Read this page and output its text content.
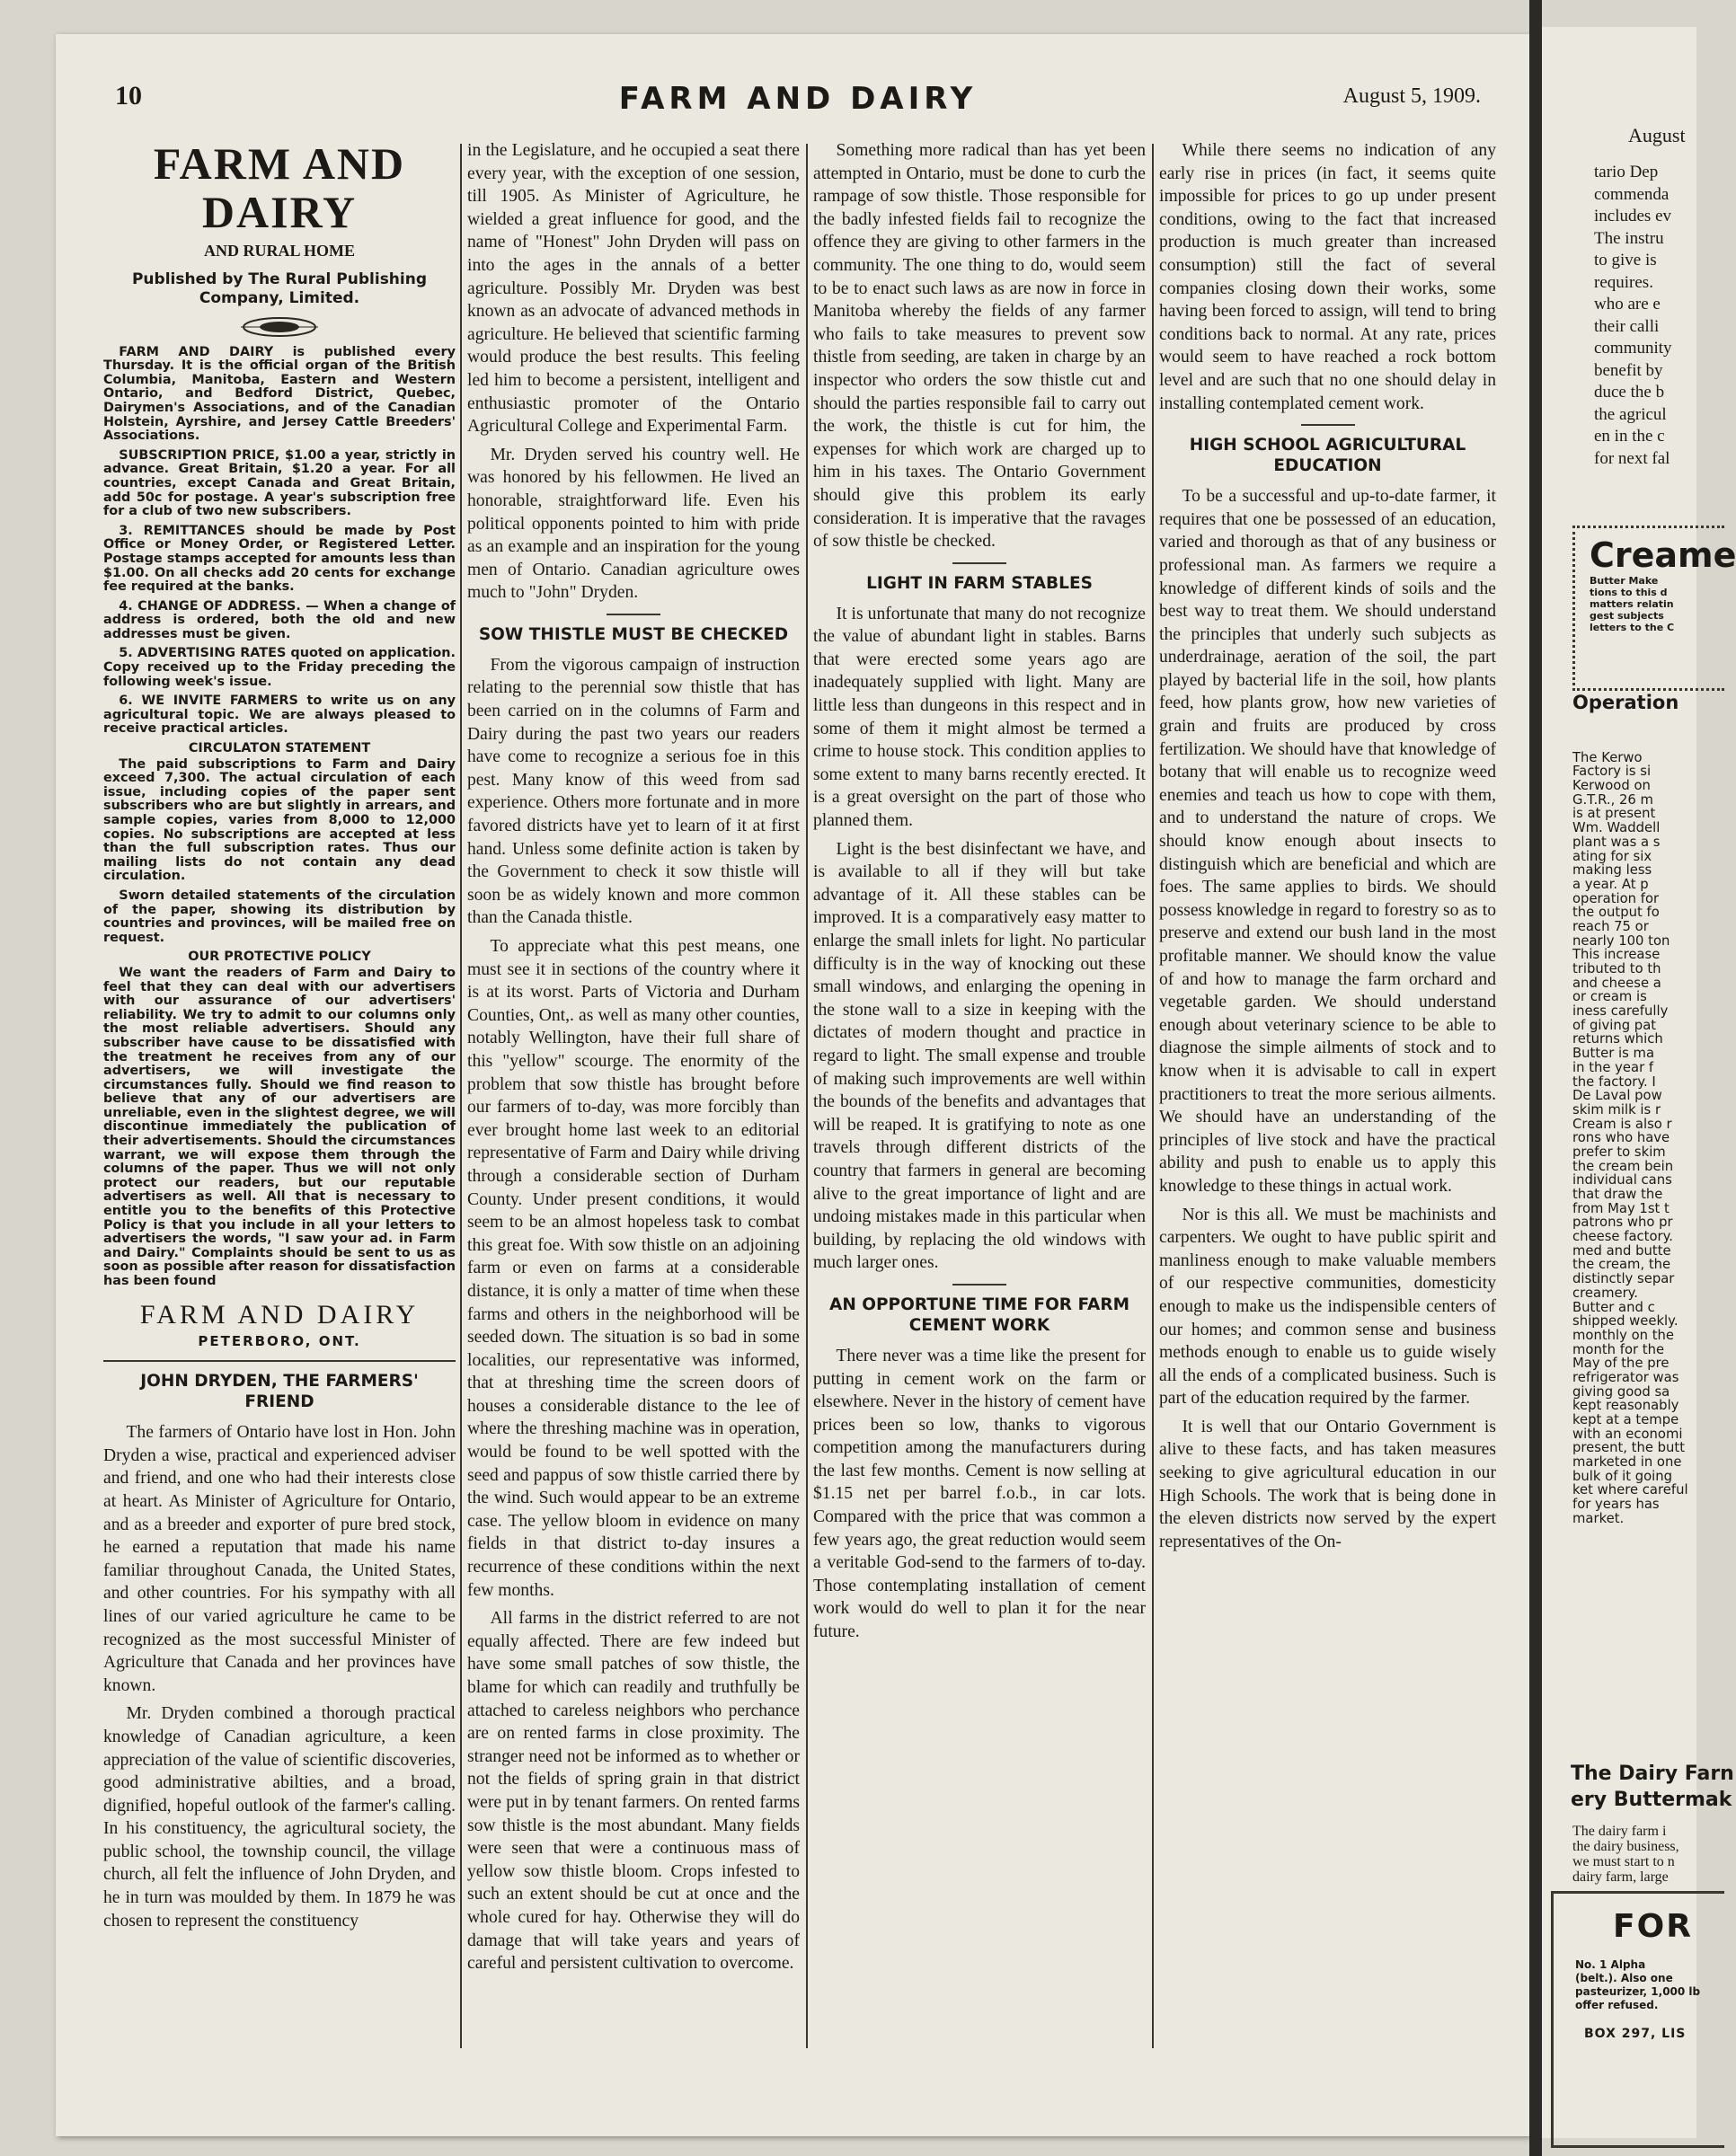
August
tario Dep
commenda
includes ev
The instru
to give is
requires.
who are e
their calli
community
benefit by
duce the b
the agricul
en in the c
for next fal
Creame
Butter Make
tions to this d
matters relatin
gest subjects
letters to the C
Operation
The Kerwo
Factory is si
Kerwood on
G.T.R., 26 m
is at present
Wm. Waddell
plant was a s
ating for six
making less
a year. At p
operation for
the output fo
reach 75 or
nearly 100 ton
This increase
tributed to th
and cheese a
or cream is
iness carefully
of giving pat
returns which
Butter is ma
in the year f
the factory. I
De Laval pow
skim milk is r
Cream is also r
rons who have
prefer to skim
the cream bein
individual cans
that draw the
from May 1st t
patrons who pr
cheese factory.
med and butte
the cream, the
distinctly separ
creamery.
Butter and c
shipped weekly.
monthly on the
month for the
May of the pre
refrigerator was
giving good sa
kept reasonably
kept at a tempe
with an economi
present, the butt
marketed in one
bulk of it going
ket where careful
for years has
market.
The Dairy Farn
ery Buttermak
The dairy farm i
the dairy business,
we must start to n
dairy farm, large
FOR
No. 1 Alpha
(belt.). Also one
pasteurizer, 1,000 lb
offer refused.
BOX 297, LIS
10	FARM AND DAIRY	August 5, 1909.
FARM AND DAIRY
AND RURAL HOME
Published by The Rural Publishing Company, Limited.

FARM AND DAIRY is published every Thursday. It is the official organ of the British Columbia, Manitoba, Eastern and Western Ontario, and Bedford District, Quebec, Dairymen's Associations, and of the Canadian Holstein, Ayrshire, and Jersey Cattle Breeders' Associations.

SUBSCRIPTION PRICE, $1.00 a year, strictly in advance. Great Britain, $1.20 a year. For all countries, except Canada and Great Britain, add 50c for postage. A year's subscription free for a club of two new subscribers.

3. REMITTANCES should be made by Post Office or Money Order, or Registered Letter. Postage stamps accepted for amounts less than $1.00. On all checks add 20 cents for exchange fee required at the banks.

4. CHANGE OF ADDRESS. — When a change of address is ordered, both the old and new addresses must be given.

5. ADVERTISING RATES quoted on application. Copy received up to the Friday preceding the following week's issue.

6. WE INVITE FARMERS to write us on any agricultural topic. We are always pleased to receive practical articles.

CIRCULATON STATEMENT

The paid subscriptions to Farm and Dairy exceed 7,300. The actual circulation of each issue, including copies of the paper sent subscribers who are but slightly in arrears, and sample copies, varies from 8,000 to 12,000 copies. No subscriptions are accepted at less than the full subscription rates. Thus our mailing lists do not contain any dead circulation.

Sworn detailed statements of the circulation of the paper, showing its distribution by countries and provinces, will be mailed free on request.

OUR PROTECTIVE POLICY

We want the readers of Farm and Dairy to feel that they can deal with our advertisers with our assurance of our advertisers' reliability. We try to admit to our columns only the most reliable advertisers. Should any subscriber have cause to be dissatisfied with the treatment he receives from any of our advertisers, we will investigate the circumstances fully. Should we find reason to believe that any of our advertisers are unreliable, even in the slightest degree, we will discontinue immediately the publication of their advertisements. Should the circumstances warrant, we will expose them through the columns of the paper. Thus we will not only protect our readers, but our reputable advertisers as well. All that is necessary to entitle you to the benefits of this Protective Policy is that you include in all your letters to advertisers the words, "I saw your ad. in Farm and Dairy." Complaints should be sent to us as soon as possible after reason for dissatisfaction has been found

FARM AND DAIRY
PETERBORO, ONT.
JOHN DRYDEN, THE FARMERS' FRIEND

The farmers of Ontario have lost in Hon. John Dryden a wise, practical and experienced adviser and friend, and one who had their interests close at heart. As Minister of Agriculture for Ontario, and as a breeder and exporter of pure bred stock, he earned a reputation that made his name familiar throughout Canada, the United States, and other countries. For his sympathy with all lines of our varied agriculture he came to be recognized as the most successful Minister of Agriculture that Canada and her provinces have known.

Mr. Dryden combined a thorough practical knowledge of Canadian agriculture, a keen appreciation of the value of scientific discoveries, good administrative abilties, and a broad, dignified, hopeful outlook of the farmer's calling. In his constituency, the agricultural society, the public school, the township council, the village church, all felt the influence of John Dryden, and he in turn was moulded by them. In 1879 he was chosen to represent the constituency

in the Legislature, and he occupied a seat there every year, with the exception of one session, till 1905. As Minister of Agriculture, he wielded a great influence for good, and the name of "Honest" John Dryden will pass on into the ages in the annals of a better agriculture. Possibly Mr. Dryden was best known as an advocate of advanced methods in agriculture. He believed that scientific farming would produce the best results. This feeling led him to become a persistent, intelligent and enthusiastic promoter of the Ontario Agricultural College and Experimental Farm.

Mr. Dryden served his country well. He was honored by his fellowmen. He lived an honorable, straightforward life. Even his political opponents pointed to him with pride as an example and an inspiration for the young men of Ontario. Canadian agriculture owes much to "John" Dryden.

SOW THISTLE MUST BE CHECKED

From the vigorous campaign of instruction relating to the perennial sow thistle that has been carried on in the columns of Farm and Dairy during the past two years our readers have come to recognize a serious foe in this pest. Many know of this weed from sad experience. Others more fortunate and in more favored districts have yet to learn of it at first hand. Unless some definite action is taken by the Government to check it sow thistle will soon be as widely known and more common than the Canada thistle.

To appreciate what this pest means, one must see it in sections of the country where it is at its worst. Parts of Victoria and Durham Counties, Ont,. as well as many other counties, notably Wellington, have their full share of this "yellow" scourge. The enormity of the problem that sow thistle has brought before our farmers of to-day, was more forcibly than ever brought home last week to an editorial representative of Farm and Dairy while driving through a considerable section of Durham County. Under present conditions, it would seem to be an almost hopeless task to combat this great foe. With sow thistle on an adjoining farm or even on farms at a considerable distance, it is only a matter of time when these farms and others in the neighborhood will be seeded down. The situation is so bad in some localities, our representative was informed, that at threshing time the screen doors of houses a considerable distance to the lee of where the threshing machine was in operation, would be found to be well spotted with the seed and pappus of sow thistle carried there by the wind. Such would appear to be an extreme case. The yellow bloom in evidence on many fields in that district to-day insures a recurrence of these conditions within the next few months.

All farms in the district referred to are not equally affected. There are few indeed but have some small patches of sow thistle, the blame for which can readily and truthfully be attached to careless neighbors who perchance are on rented farms in close proximity. The stranger need not be informed as to whether or not the fields of spring grain in that district were put in by tenant farmers. On rented farms sow thistle is the most abundant. Many fields were seen that were a continuous mass of yellow sow thistle bloom. Crops infested to such an extent should be cut at once and the whole cured for hay. Otherwise they will do damage that will take years and years of careful and persistent cultivation to overcome.

Something more radical than has yet been attempted in Ontario, must be done to curb the rampage of sow thistle. Those responsible for the badly infested fields fail to recognize the offence they are giving to other farmers in the community. The one thing to do, would seem to be to enact such laws as are now in force in Manitoba whereby the fields of any farmer who fails to take measures to prevent sow thistle from seeding, are taken in charge by an inspector who orders the sow thistle cut and should the parties responsible fail to carry out the work, the thistle is cut for him, the expenses for which work are charged up to him in his taxes. The Ontario Government should give this problem its early consideration. It is imperative that the ravages of sow thistle be checked.

LIGHT IN FARM STABLES

It is unfortunate that many do not recognize the value of abundant light in stables. Barns that were erected some years ago are inadequately supplied with light. Many are little less than dungeons in this respect and in some of them it might almost be termed a crime to house stock. This condition applies to some extent to many barns recently erected. It is a great oversight on the part of those who planned them.

Light is the best disinfectant we have, and is available to all if they will but take advantage of it. All these stables can be improved. It is a comparatively easy matter to enlarge the small inlets for light. No particular difficulty is in the way of knocking out these small windows, and enlarging the opening in the stone wall to a size in keeping with the dictates of modern thought and practice in regard to light. The small expense and trouble of making such improvements are well within the bounds of the benefits and advantages that will be reaped. It is gratifying to note as one travels through different districts of the country that farmers in general are becoming alive to the great importance of light and are undoing mistakes made in this particular when building, by replacing the old windows with much larger ones.

AN OPPORTUNE TIME FOR FARM CEMENT WORK

There never was a time like the present for putting in cement work on the farm or elsewhere. Never in the history of cement have prices been so low, thanks to vigorous competition among the manufacturers during the last few months. Cement is now selling at $1.15 net per barrel f.o.b., in car lots. Compared with the price that was common a few years ago, the great reduction would seem a veritable God-send to the farmers of to-day. Those contemplating installation of cement work would do well to plan it for the near future.

While there seems no indication of any early rise in prices (in fact, it seems quite impossible for prices to go up under present conditions, owing to the fact that increased production is much greater than increased consumption) still the fact of several companies closing down their works, some having been forced to assign, will tend to bring conditions back to normal. At any rate, prices would seem to have reached a rock bottom level and are such that no one should delay in installing contemplated cement work.

HIGH SCHOOL AGRICULTURAL EDUCATION

To be a successful and up-to-date farmer, it requires that one be possessed of an education, varied and thorough as that of any business or professional man. As farmers we require a knowledge of different kinds of soils and the best way to treat them. We should understand the principles that underly such subjects as underdrainage, aeration of the soil, the part played by bacterial life in the soil, how plants feed, how plants grow, how new varieties of grain and fruits are produced by cross fertilization. We should have that knowledge of botany that will enable us to recognize weed enemies and teach us how to cope with them, and to understand the nature of crops. We should know enough about insects to distinguish which are beneficial and which are foes. The same applies to birds. We should possess knowledge in regard to forestry so as to preserve and extend our bush land in the most profitable manner. We should know the value of and how to manage the farm orchard and vegetable garden. We should understand enough about veterinary science to be able to diagnose the simple ailments of stock and to know when it is advisable to call in expert practitioners to treat the more serious ailments. We should have an understanding of the principles of live stock and have the practical ability and push to enable us to apply this knowledge to these things in actual work.

Nor is this all. We must be machinists and carpenters. We ought to have public spirit and manliness enough to make valuable members of our respective communities, domesticity enough to make us the indispensible centers of our homes; and common sense and business methods enough to enable us to guide wisely all the ends of a complicated business. Such is part of the education required by the farmer.

It is well that our Ontario Government is alive to these facts, and has taken measures seeking to give agricultural education in our High Schools. The work that is being done in the eleven districts now served by the expert representatives of the On-
